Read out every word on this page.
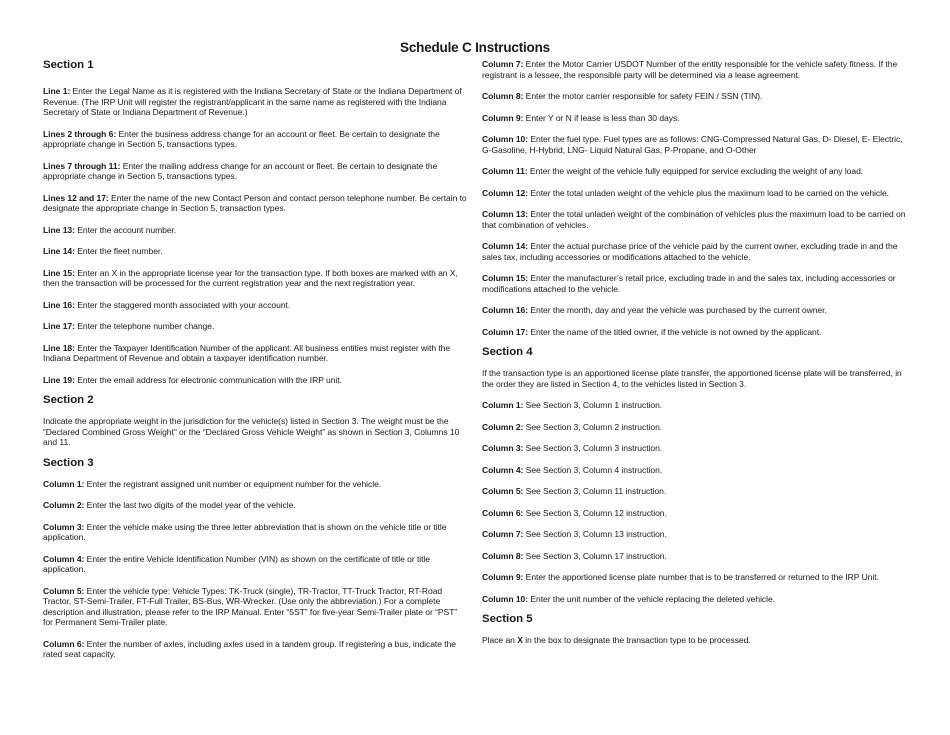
Schedule C Instructions
Section 1

Line 1: Enter the Legal Name as it is registered with the Indiana Secretary of State or the Indiana Department of Revenue. (The IRP Unit will register the registrant/applicant in the same name as registered with the Indiana Secretary of State or Indiana Department of Revenue.)

Lines 2 through 6: Enter the business address change for an account or fleet. Be certain to designate the appropriate change in Section 5, transactions types.

Lines 7 through 11: Enter the mailing address change for an account or fleet. Be certain to designate the appropriate change in Section 5, transactions types.

Lines 12 and 17: Enter the name of the new Contact Person and contact person telephone number. Be certain to designate the appropriate change in Section 5, transaction types.

Line 13: Enter the account number.

Line 14: Enter the fleet number.

Line 15: Enter an X in the appropriate license year for the transaction type. If both boxes are marked with an X, then the transaction will be processed for the current registration year and the next registration year.

Line 16: Enter the staggered month associated with your account.

Line 17: Enter the telephone number change.

Line 18: Enter the Taxpayer Identification Number of the applicant. All business entities must register with the Indiana Department of Revenue and obtain a taxpayer identification number.

Line 19: Enter the email address for electronic communication with the IRP unit.

Section 2

Indicate the appropriate weight in the jurisdiction for the vehicle(s) listed in Section 3. The weight must be the “Declared Combined Gross Weight” or the “Declared Gross Vehicle Weight” as shown in Section 3, Columns 10 and 11.

Section 3

Column 1: Enter the registrant assigned unit number or equipment number for the vehicle.

Column 2: Enter the last two digits of the model year of the vehicle.

Column 3: Enter the vehicle make using the three letter abbreviation that is shown on the vehicle title or title application.

Column 4: Enter the entire Vehicle Identification Number (VIN) as shown on the certificate of title or title application.

Column 5: Enter the vehicle type: Vehicle Types: TK-Truck (single), TR-Tractor, TT-Truck Tractor, RT-Road Tractor, ST-Semi-Trailer, FT-Full Trailer, BS-Bus, WR-Wrecker. (Use only the abbreviation.) For a complete description and illustration, please refer to the IRP Manual. Enter “5ST” for five-year Semi-Trailer plate or “PST” for Permanent Semi-Trailer plate.

Column 6: Enter the number of axles, including axles used in a tandem group. If registering a bus, indicate the rated seat capacity.

Column 7: Enter the Motor Carrier USDOT Number of the entity responsible for the vehicle safety fitness. If the registrant is a lessee, the responsible party will be determined via a lease agreement.

Column 8: Enter the motor carrier responsible for safety FEIN / SSN (TIN).

Column 9: Enter Y or N if lease is less than 30 days.

Column 10: Enter the fuel type. Fuel types are as follows: CNG-Compressed Natural Gas, D- Diesel, E- Electric, G-Gasoline, H-Hybrid, LNG- Liquid Natural Gas, P-Propane, and O-Other

Column 11: Enter the weight of the vehicle fully equipped for service excluding the weight of any load.

Column 12: Enter the total unladen weight of the vehicle plus the maximum load to be carried on the vehicle.

Column 13: Enter the total unladen weight of the combination of vehicles plus the maximum load to be carried on that combination of vehicles.

Column 14: Enter the actual purchase price of the vehicle paid by the current owner, excluding trade in and the sales tax, including accessories or modifications attached to the vehicle.

Column 15: Enter the manufacturer’s retail price, excluding trade in and the sales tax, including accessories or modifications attached to the vehicle.

Column 16: Enter the month, day and year the vehicle was purchased by the current owner.

Column 17: Enter the name of the titled owner, if the vehicle is not owned by the applicant.

Section 4

If the transaction type is an apportioned license plate transfer, the apportioned license plate will be transferred, in the order they are listed in Section 4, to the vehicles listed in Section 3.

Column 1: See Section 3, Column 1 instruction.

Column 2: See Section 3, Column 2 instruction.

Column 3: See Section 3, Column 3 instruction.

Column 4: See Section 3, Column 4 instruction.

Column 5: See Section 3, Column 11 instruction.

Column 6: See Section 3, Column 12 instruction.

Column 7: See Section 3, Column 13 instruction.

Column 8: See Section 3, Column 17 instruction.

Column 9: Enter the apportioned license plate number that is to be transferred or returned to the IRP Unit.

Column 10: Enter the unit number of the vehicle replacing the deleted vehicle.

Section 5

Place an X in the box to designate the transaction type to be processed.
